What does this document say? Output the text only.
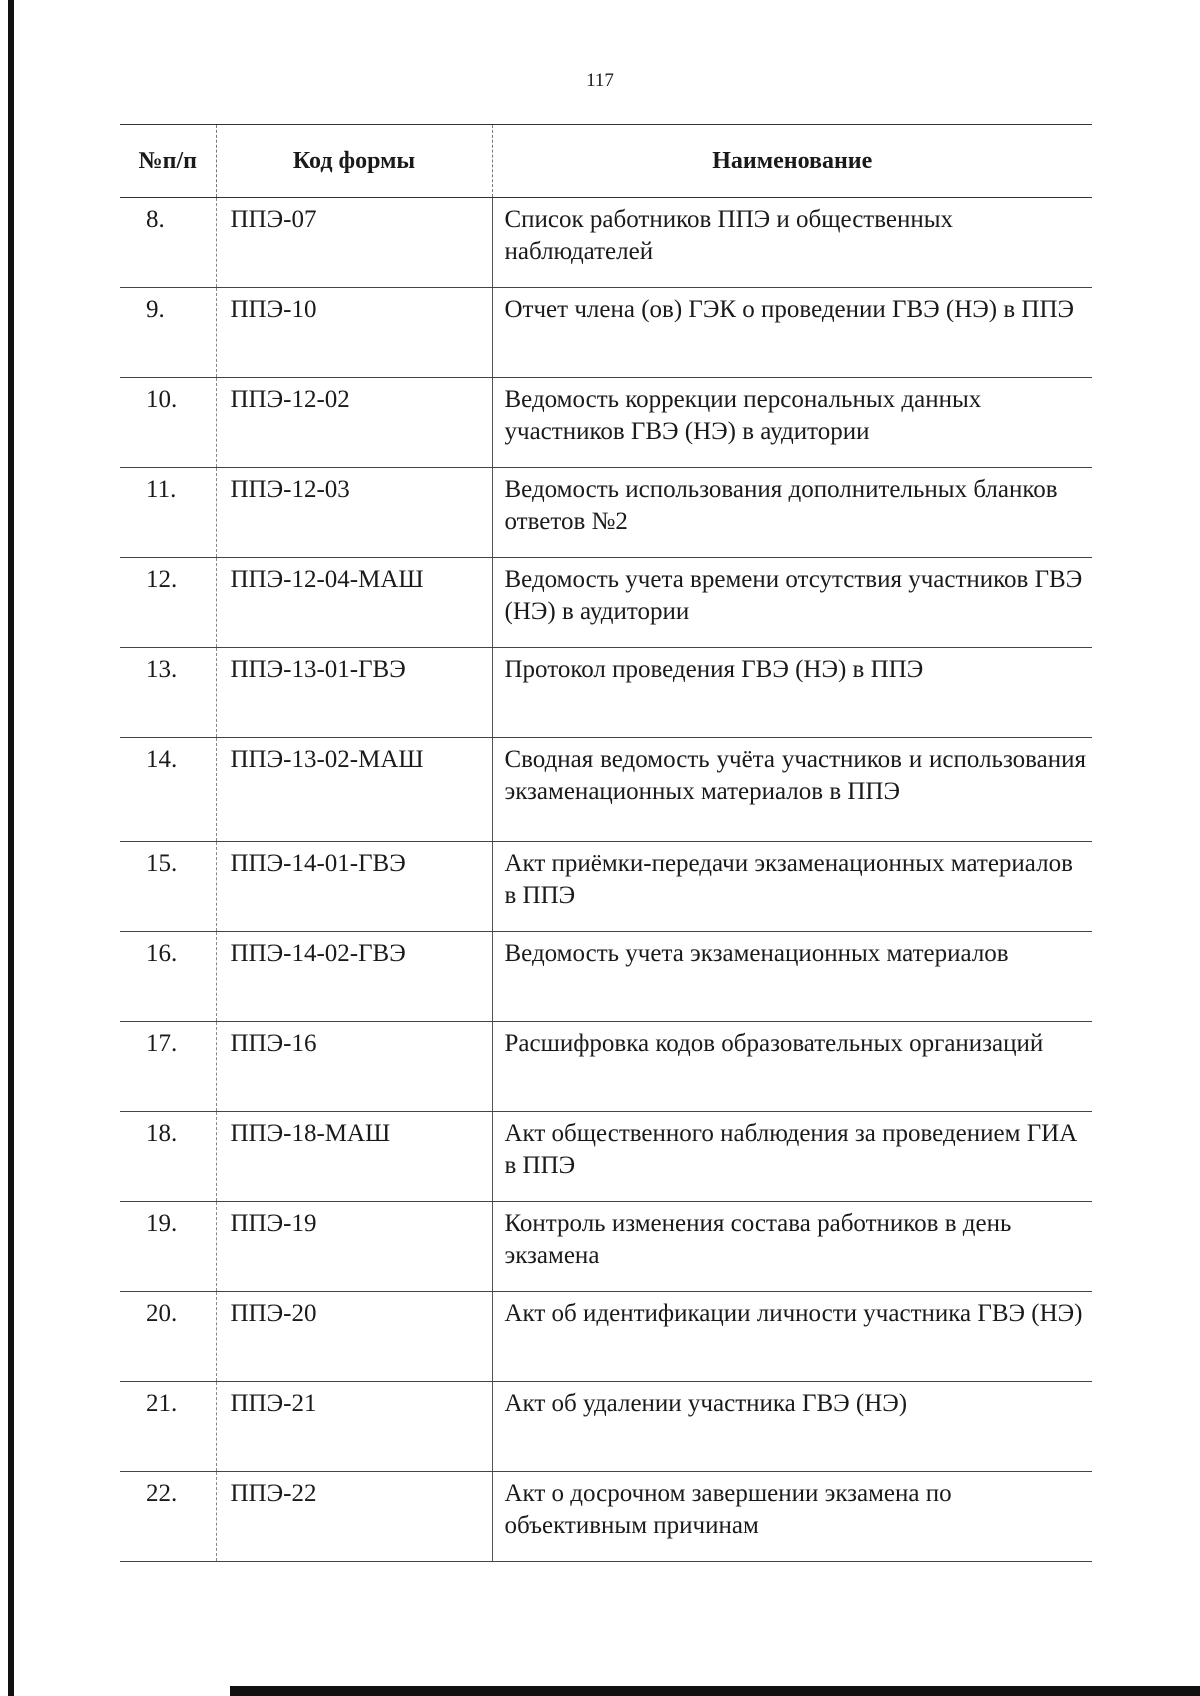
117
№п/п	Код формы	Наименование
8.	ППЭ-07	Список работников ППЭ и общественных наблюдателей
9.	ППЭ-10	Отчет члена (ов) ГЭК о проведении ГВЭ (НЭ) в ППЭ
10.	ППЭ-12-02	Ведомость коррекции персональных данных участников ГВЭ (НЭ) в аудитории
11.	ППЭ-12-03	Ведомость использования дополнительных бланков ответов №2
12.	ППЭ-12-04-МАШ	Ведомость учета времени отсутствия участников ГВЭ (НЭ) в аудитории
13.	ППЭ-13-01-ГВЭ	Протокол проведения ГВЭ (НЭ) в ППЭ
14.	ППЭ-13-02-МАШ	Сводная ведомость учёта участников и использования экзаменационных материалов в ППЭ
15.	ППЭ-14-01-ГВЭ	Акт приёмки-передачи экзаменационных материалов в ППЭ
16.	ППЭ-14-02-ГВЭ	Ведомость учета экзаменационных материалов
17.	ППЭ-16	Расшифровка кодов образовательных организаций
18.	ППЭ-18-МАШ	Акт общественного наблюдения за проведением ГИА в ППЭ
19.	ППЭ-19	Контроль изменения состава работников в день экзамена
20.	ППЭ-20	Акт об идентификации личности участника ГВЭ (НЭ)
21.	ППЭ-21	Акт об удалении участника ГВЭ (НЭ)
22.	ППЭ-22	Акт о досрочном завершении экзамена по объективным причинам
